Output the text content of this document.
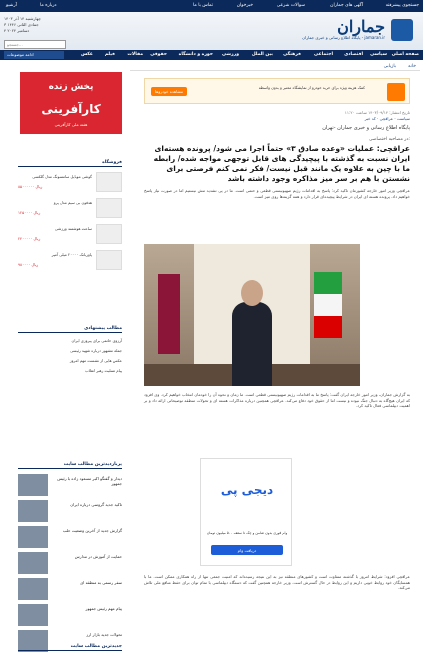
جستجوی پیشرفته
آگهی های جماران
سوالات شرعی
خبرخوان
تماس با ما
درباره ما
آرشیو
جماران
پایگاه اطلاع رسانی و خبری جماران - jamaran.ir
چهارشنبه ۱۴ آذر ۱۴۰۳
۳ جمادی الثانی ۱۴۴۶
۴ دسامبر ۲۰۲۴
جستجو...
صفحه اصلی
سیاسی
اقتصادی
اجتماعی
فرهنگی
بین الملل
ورزشی
حوزه و دانشگاه
حقوقی
مقالات
فیلم
عکس
ادامه موضوعات
خانه
بازیابی
مشاهده خودروها
کمک هزینه ویژه برای خرید خودرو از نمایشگاه معتبر و بدون واسطه
تاریخ انتشار: ۱۴۰۳/۰۹/۱۴ ساعت ۱۱:۲۰
سیاست · عراقچی · کد خبر
پایگاه اطلاع رسانی و خبری جماران -تهران
در مصاحبه اختصاصی:
عراقچی: عملیات «وعده صادق ۳» حتماً اجرا می شود/ پرونده هسته‌ای ایران نسبت به گذشته با پیچیدگی های قابل توجهی مواجه شده/ رابطه ما با چین به علاوه یک مانند قبل نیست/ فکر نمی کنم فرصتی برای نشستن با هم بر سر میز مذاکره وجود داشته باشد
عراقچی وزیر امور خارجه کشورمان تاکید کرد: پاسخ به اقدامات رژیم صهیونیستی قطعی و حتمی است. ما در پی تشدید تنش نیستیم اما در صورت نیاز پاسخ خواهیم داد. پرونده هسته ای ایران در شرایط پیچیده‌ای قرار دارد و همه گزینه‌ها روی میز است.
به گزارش جماران، وزیر امور خارجه ایران گفت: پاسخ ما به اقدامات رژیم صهیونیستی قطعی است. ما زمان و نحوه آن را خودمان انتخاب خواهیم کرد. وی افزود که ایران هیچ‌گاه به دنبال جنگ نبوده و نیست اما از حقوق خود دفاع می‌کند. عراقچی همچنین درباره مذاکرات هسته ای و تحولات منطقه توضیحاتی ارائه داد و بر اهمیت دیپلماسی فعال تاکید کرد.
دیجی پی
وام فوری بدون ضامن و چک تا سقف ۵۰۰ میلیون تومان
دریافت وام
عراقچی افزود: شرایط امروز با گذشته متفاوت است و کشورهای منطقه نیز به این نتیجه رسیده‌اند که امنیت جمعی تنها از راه همکاری ممکن است. ما با همسایگان خود روابط خوبی داریم و این روابط در حال گسترش است. وزیر خارجه همچنین گفت که دستگاه دیپلماسی با تمام توان برای حفظ منافع ملی تلاش می‌کند.
پخش زنده
کارآفرینی
هفته ملی کارآفرینی
فروشگاه
گوشی موبایل سامسونگ مدل گلکسی
۸۵۰۰۰۰۰۰ ریال
هدفون بی سیم مدل پرو
۱۲۵۰۰۰۰ ریال
ساعت هوشمند ورزشی
۲۴۰۰۰۰۰ ریال
پاوربانک ۲۰۰۰۰ میلی آمپر
۹۸۰۰۰۰ ریال
مطالب پیشنهادی
آرزوی خاتمی برای پیروزی ایران
جمله مشهور درباره شهید رئیسی
عکس هایی از نشست مهم امروز
پیام تسلیت رهبر انقلاب
پربازدیدترین مطالب سایت
دیدار و گفتگو اکبر مسعود زاده با رئیس جمهور
تاکید جدید گروسی درباره ایران
گزارش جدید از آخرین وضعیت حلب
حمایت از آموزش در مدارس
سفر رسمی به منطقه ای
پیام مهم رئیس جمهور
تحولات جدید بازار ارز
جدیدترین مطالب سایت
